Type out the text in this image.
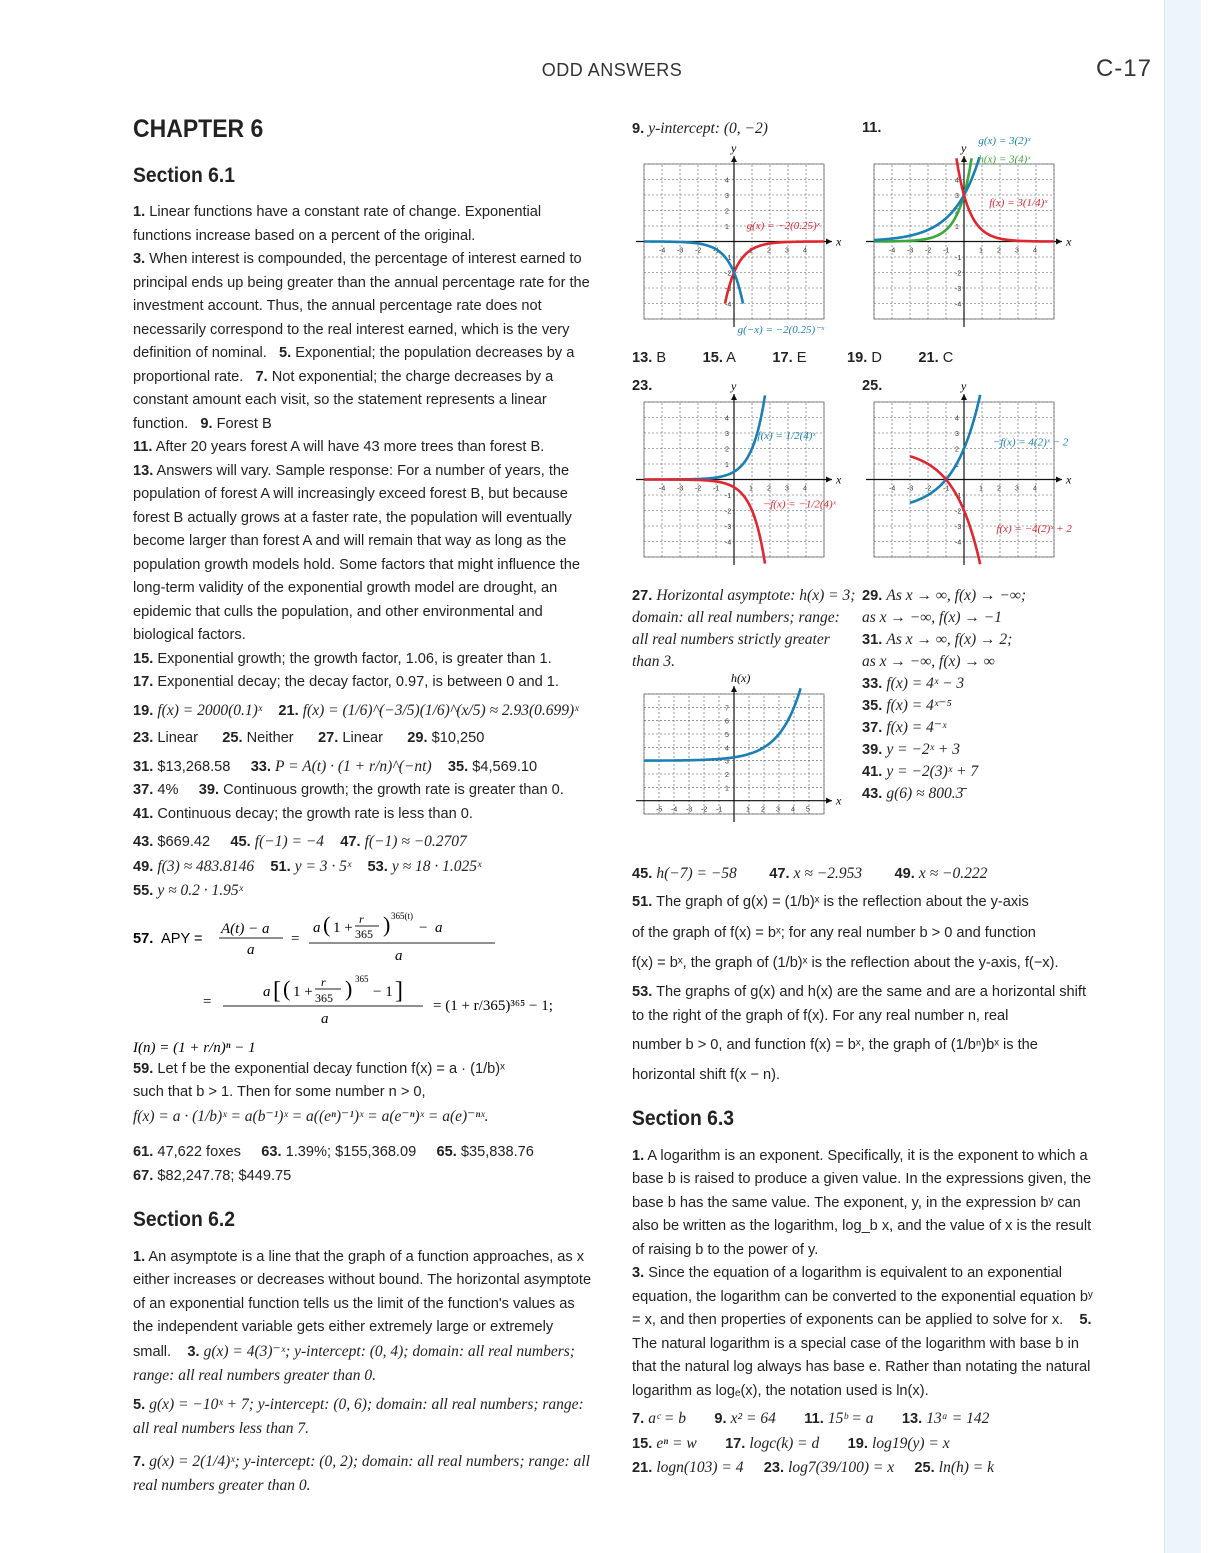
ODD ANSWERS	C-17
CHAPTER 6
Section 6.1

1. Linear functions have a constant rate of change. Exponential functions increase based on a percent of the original.

3. When interest is compounded, the percentage of interest earned to principal ends up being greater than the annual percentage rate for the investment account. Thus, the annual percentage rate does not necessarily correspond to the real interest earned, which is the very definition of nominal. 5. Exponential; the population decreases by a proportional rate. 7. Not exponential; the charge decreases by a constant amount each visit, so the statement represents a linear function. 9. Forest B

11. After 20 years forest A will have 43 more trees than forest B.

13. Answers will vary. Sample response: For a number of years, the population of forest A will increasingly exceed forest B, but because forest B actually grows at a faster rate, the population will eventually become larger than forest A and will remain that way as long as the population growth models hold. Some factors that might influence the long-term validity of the exponential growth model are drought, an epidemic that culls the population, and other environmental and biological factors.

15. Exponential growth; the growth factor, 1.06, is greater than 1.

17. Exponential decay; the decay factor, 0.97, is between 0 and 1.

19. f(x) = 2000(0.1)ˣ 21. f(x) = (1/6)^(−3/5)(1/6)^(x/5) ≈ 2.93(0.699)ˣ

23. Linear 25. Neither 27. Linear 29. $10,250

31. $13,268.58 33. P = A(t) · (1 + r/n)^(−nt) 35. $4,569.10

37. 4% 39. Continuous growth; the growth rate is greater than 0.    41. Continuous decay; the growth rate is less than 0.

43. $669.42 45. f(−1) = −4 47. f(−1) ≈ −0.2707

49. f(3) ≈ 483.8146 51. y = 3 · 5ˣ 53. y ≈ 18 · 1.025ˣ

55. y ≈ 0.2 · 1.95ˣ

57. APY =
A(t) − a
a
=
a ( 1 +
r
365 ) 365(t)
− a
a
=
a [ ( 1 +
r
365 ) 365
− 1 ]
a
= (1 + r/365)³⁶⁵ − 1;
I(n) = (1 + r/n)ⁿ − 1

59. Let f be the exponential decay function f(x) = a · (1/b)ˣ

such that b > 1. Then for some number n > 0,

f(x) = a · (1/b)ˣ = a(b⁻¹)ˣ = a((eⁿ)⁻¹)ˣ = a(e⁻ⁿ)ˣ = a(e)⁻ⁿˣ.

61. 47,622 foxes 63. 1.39%; $155,368.09 65. $35,838.76

67. $82,247.78; $449.75

Section 6.2

1. An asymptote is a line that the graph of a function approaches, as x either increases or decreases without bound. The horizontal asymptote of an exponential function tells us the limit of the function's values as the independent variable gets either extremely large or extremely small. 3. g(x) = 4(3)⁻ˣ; y-intercept: (0, 4); domain: all real numbers; range: all real numbers greater than 0.

5. g(x) = −10ˣ + 7; y-intercept: (0, 6); domain: all real numbers; range: all real numbers less than 7.

7. g(x) = 2(1/4)ˣ; y-intercept: (0, 2); domain: all real numbers; range: all real numbers greater than 0.

9. y-intercept: (0, −2)	11.
x
y
-4 -3 -2 -1	1 2 3 4
-4
-3
-2
-1
1
2
3
4
g(x) = −2(0.25)ˣ
g(−x) = −2(0.25)⁻ˣ
x
y
-4 -3 -2 -1	1 2 3 4
-4
-3
-2
-1
1
2
3
4
g(x) = 3(2)ˣ
h(x) = 3(4)ˣ
f(x) = 3(1/4)ˣ
13. B	15. A	17. E	19. D	21. C
23.	25.
x
y
-4 -3 -2 -1	1 2 3 4
-4
-3
-2
-1
1
2
3
4
f(x) = 1/2(4)ˣ
−f(x) = −1/2(4)ˣ
x
y
-4 -3 -2 -1	1 2 3 4
-4
-3
-2
-1
1
2
3
4
−f(x) = 4(2)ˣ − 2
f(x) = −4(2)ˣ + 2
27. Horizontal asymptote: h(x) = 3; domain: all real numbers; range: all real numbers strictly greater than 3.
29. As x → ∞, f(x) → −∞;
as x → −∞, f(x) → −1
31. As x → ∞, f(x) → 2;
as x → −∞, f(x) → ∞
33. f(x) = 4ˣ − 3
35. f(x) = 4ˣ⁻⁵
37. f(x) = 4⁻ˣ
39. y = −2ˣ + 3
41. y = −2(3)ˣ + 7
43. g(6) ≈ 800.3̄
x
h(x)
-5 -4 -3 -2 -1	1 2 3 4 5
1
2
3
4
5
6
7

45. h(−7) = −58 47. x ≈ −2.953 49. x ≈ −0.222

51. The graph of g(x) = (1/b)ˣ is the reflection about the y-axis

of the graph of f(x) = bˣ; for any real number b > 0 and function

f(x) = bˣ, the graph of (1/b)ˣ is the reflection about the y-axis, f(−x).

53. The graphs of g(x) and h(x) are the same and are a horizontal shift to the right of the graph of f(x). For any real number n, real

number b > 0, and function f(x) = bˣ, the graph of (1/bⁿ)bˣ is the

horizontal shift f(x − n).

Section 6.3

1. A logarithm is an exponent. Specifically, it is the exponent to which a base b is raised to produce a given value. In the expressions given, the base b has the same value. The exponent, y, in the expression bʸ can also be written as the logarithm, log_b x, and the value of x is the result of raising b to the power of y.

3. Since the equation of a logarithm is equivalent to an exponential equation, the logarithm can be converted to the exponential equation bʸ = x, and then properties of exponents can be applied to solve for x. 5. The natural logarithm is a special case of the logarithm with base b in that the natural log always has base e. Rather than notating the natural logarithm as logₑ(x), the notation used is ln(x).

7. aᶜ = b 9. x² = 64 11. 15ᵇ = a 13. 13ᵃ = 142

15. eⁿ = w 17. logc(k) = d 19. log19(y) = x

21. logn(103) = 4 23. log7(39/100) = x 25. ln(h) = k
